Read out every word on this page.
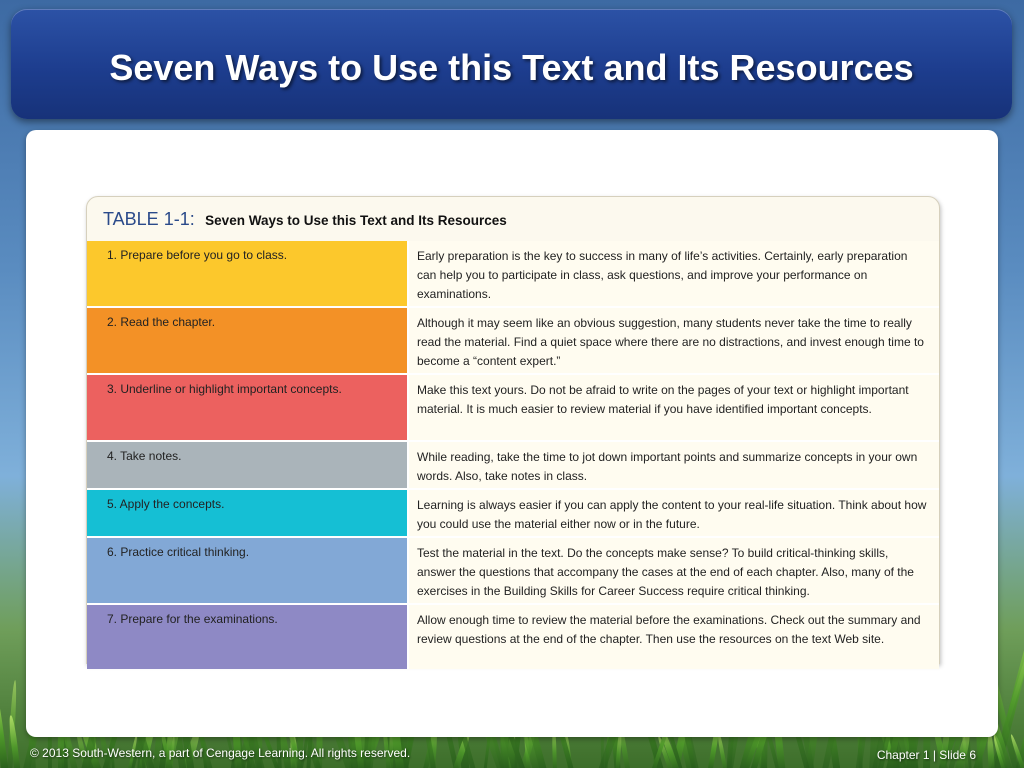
Seven Ways to Use this Text and Its Resources
TABLE 1-1: Seven Ways to Use this Text and Its Resources
1. Prepare before you go to class.	Early preparation is the key to success in many of life’s activities. Certainly, early preparation can help you to participate in class, ask questions, and improve your performance on examinations.
2. Read the chapter.	Although it may seem like an obvious suggestion, many students never take the time to really read the material. Find a quiet space where there are no distractions, and invest enough time to become a “content expert.”
3. Underline or highlight important concepts.	Make this text yours. Do not be afraid to write on the pages of your text or highlight important material. It is much easier to review material if you have identified important concepts.
4. Take notes.	While reading, take the time to jot down important points and summarize concepts in your own words. Also, take notes in class.
5. Apply the concepts.	Learning is always easier if you can apply the content to your real-life situation. Think about how you could use the material either now or in the future.
6. Practice critical thinking.	Test the material in the text. Do the concepts make sense? To build critical-thinking skills, answer the questions that accompany the cases at the end of each chapter. Also, many of the exercises in the Building Skills for Career Success require critical thinking.
7. Prepare for the examinations.	Allow enough time to review the material before the examinations. Check out the summary and review questions at the end of the chapter. Then use the resources on the text Web site.
© 2013 South-Western, a part of Cengage Learning. All rights reserved.	Chapter 1 | Slide 6
